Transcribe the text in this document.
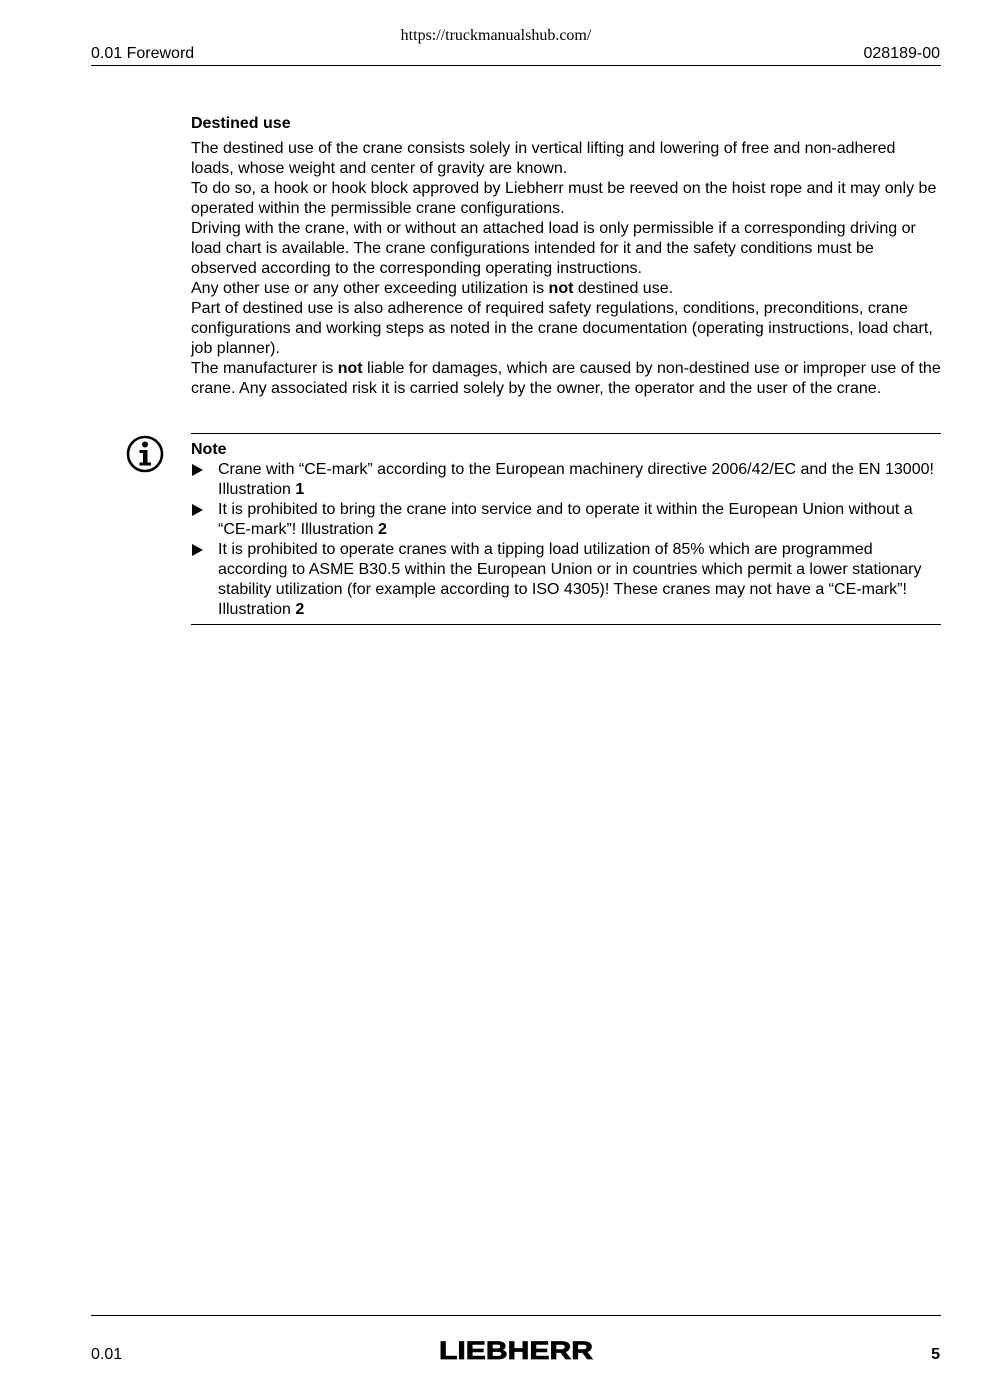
https://truckmanualshub.com/
0.01 Foreword	028189-00
Destined use

The destined use of the crane consists solely in vertical lifting and lowering of free and non-adhered loads, whose weight and center of gravity are known.

To do so, a hook or hook block approved by Liebherr must be reeved on the hoist rope and it may only be operated within the permissible crane configurations.

Driving with the crane, with or without an attached load is only permissible if a corresponding driving or load chart is available. The crane configurations intended for it and the safety conditions must be observed according to the corresponding operating instructions.

Any other use or any other exceeding utilization is not destined use.

Part of destined use is also adherence of required safety regulations, conditions, preconditions, crane configurations and working steps as noted in the crane documentation (operating instructions, load chart, job planner).

The manufacturer is not liable for damages, which are caused by non-destined use or improper use of the crane. Any associated risk it is carried solely by the owner, the operator and the user of the crane.

Note
Crane with “CE-mark” according to the European machinery directive 2006/42/EC and the EN 13000! Illustration 1
It is prohibited to bring the crane into service and to operate it within the European Union without a “CE-mark”! Illustration 2
It is prohibited to operate cranes with a tipping load utilization of 85% which are programmed according to ASME B30.5 within the European Union or in countries which permit a lower stationary stability utilization (for example according to ISO 4305)! These cranes may not have a “CE-mark”! Illustration 2
0.01	LIEBHERR	5
